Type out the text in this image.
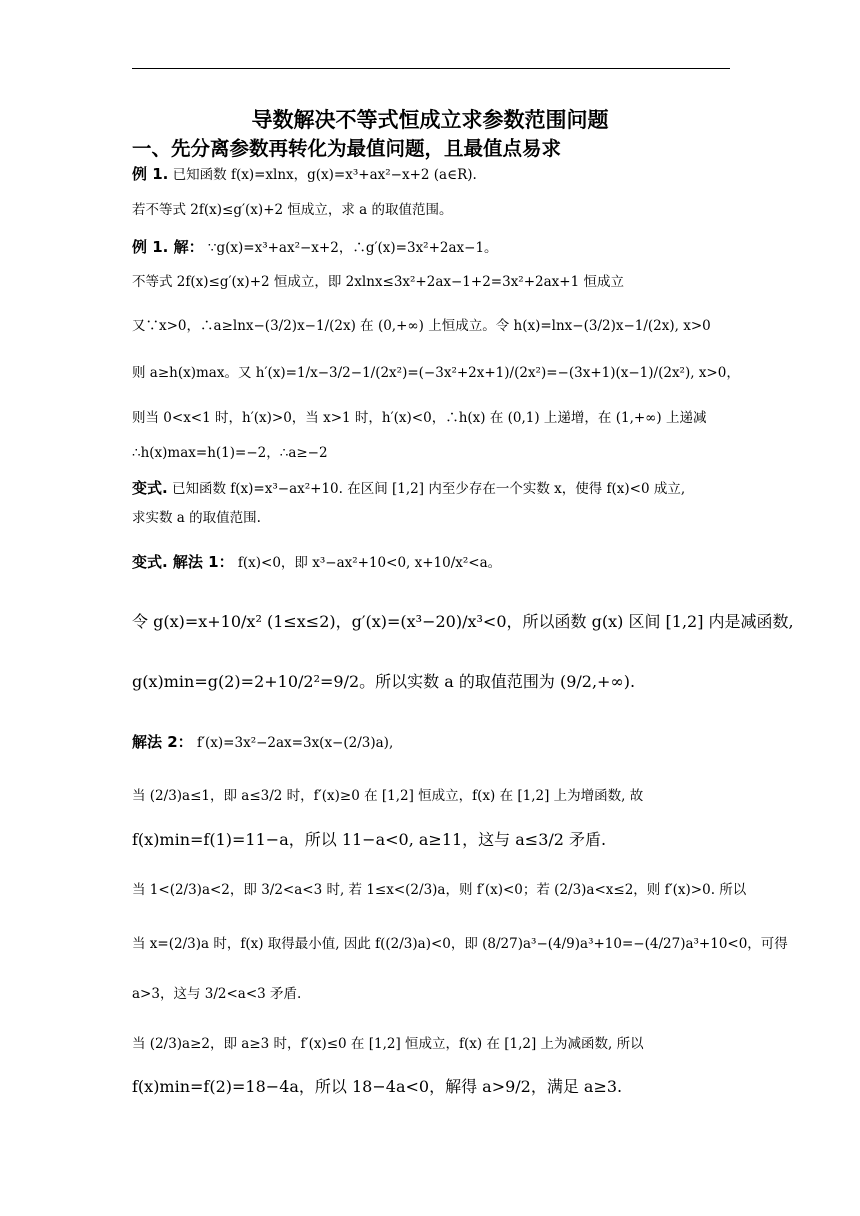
导数解决不等式恒成立求参数范围问题
一、先分离参数再转化为最值问题，且最值点易求
例 1. 已知函数 f(x)=xlnx，g(x)=x³+ax²−x+2 (a∈R).
若不等式 2f(x)≤g′(x)+2 恒成立，求 a 的取值范围。
例 1. 解： ∵g(x)=x³+ax²−x+2，∴g′(x)=3x²+2ax−1。
不等式 2f(x)≤g′(x)+2 恒成立，即 2xlnx≤3x²+2ax−1+2=3x²+2ax+1 恒成立
又∵x>0，∴a≥lnx−(3/2)x−1/(2x) 在 (0,+∞) 上恒成立。令 h(x)=lnx−(3/2)x−1/(2x), x>0
则 a≥h(x)max。又 h′(x)=1/x−3/2−1/(2x²)=(−3x²+2x+1)/(2x²)=−(3x+1)(x−1)/(2x²), x>0，
则当 0<x<1 时，h′(x)>0，当 x>1 时，h′(x)<0，∴h(x) 在 (0,1) 上递增，在 (1,+∞) 上递减
∴h(x)max=h(1)=−2，∴a≥−2
变式. 已知函数 f(x)=x³−ax²+10. 在区间 [1,2] 内至少存在一个实数 x，使得 f(x)<0 成立,
求实数 a 的取值范围.
变式. 解法 1： f(x)<0，即 x³−ax²+10<0, x+10/x²<a。
令 g(x)=x+10/x² (1≤x≤2)，g′(x)=(x³−20)/x³<0，所以函数 g(x) 区间 [1,2] 内是减函数,
g(x)min=g(2)=2+10/2²=9/2。所以实数 a 的取值范围为 (9/2,+∞).
解法 2： f′(x)=3x²−2ax=3x(x−(2/3)a),
当 (2/3)a≤1，即 a≤3/2 时，f′(x)≥0 在 [1,2] 恒成立，f(x) 在 [1,2] 上为增函数, 故
f(x)min=f(1)=11−a，所以 11−a<0, a≥11，这与 a≤3/2 矛盾.
当 1<(2/3)a<2，即 3/2<a<3 时, 若 1≤x<(2/3)a，则 f′(x)<0；若 (2/3)a<x≤2，则 f′(x)>0. 所以
当 x=(2/3)a 时，f(x) 取得最小值, 因此 f((2/3)a)<0，即 (8/27)a³−(4/9)a³+10=−(4/27)a³+10<0，可得
a>3，这与 3/2<a<3 矛盾.
当 (2/3)a≥2，即 a≥3 时，f′(x)≤0 在 [1,2] 恒成立，f(x) 在 [1,2] 上为减函数, 所以
f(x)min=f(2)=18−4a，所以 18−4a<0，解得 a>9/2，满足 a≥3.
